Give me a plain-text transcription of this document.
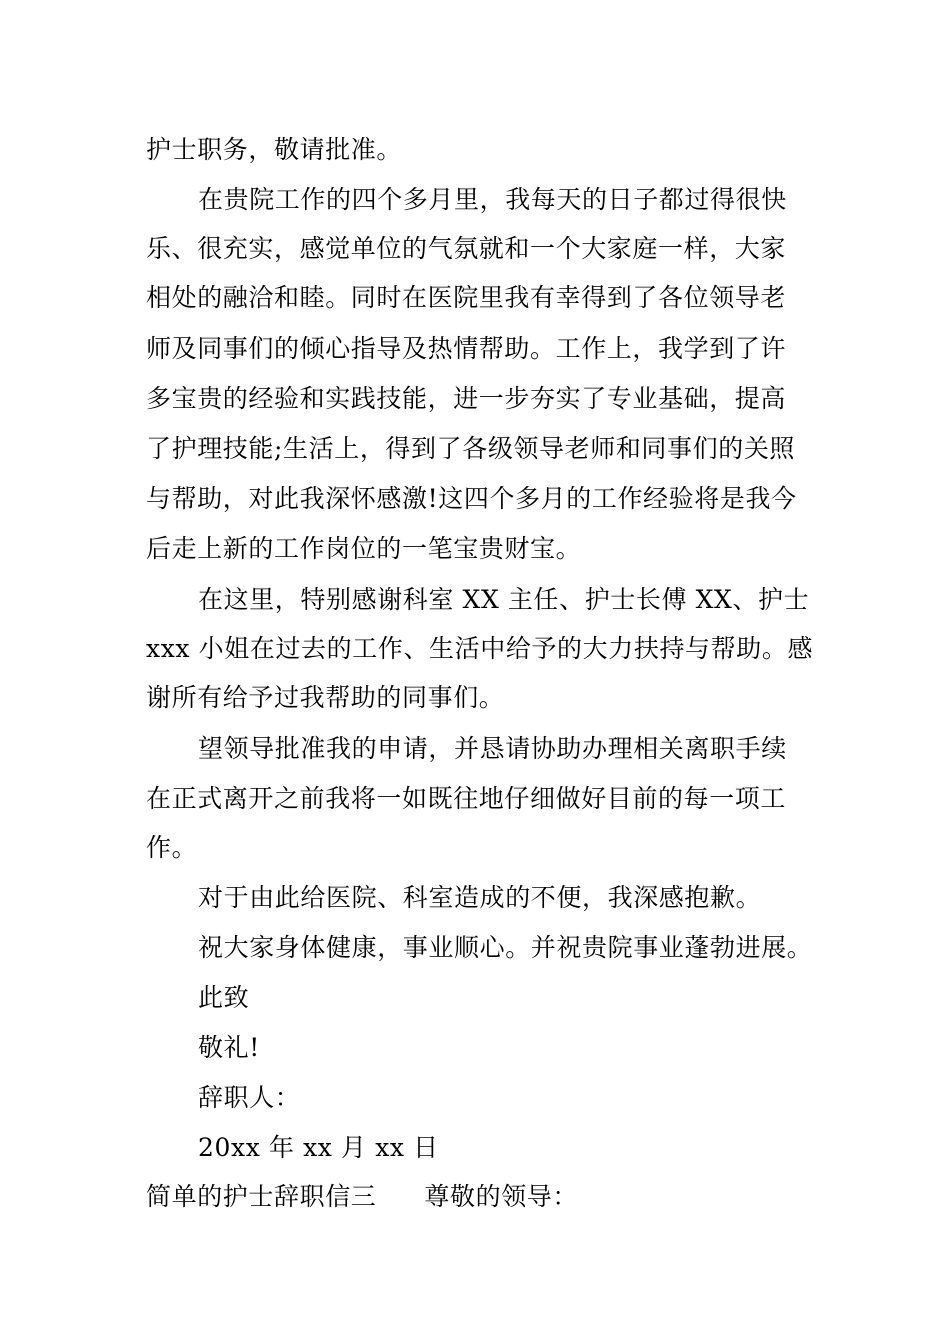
护士职务，敬请批准。
在贵院工作的四个多月里，我每天的日子都过得很快
乐、很充实，感觉单位的气氛就和一个大家庭一样，大家
相处的融洽和睦。同时在医院里我有幸得到了各位领导老
师及同事们的倾心指导及热情帮助。工作上，我学到了许
多宝贵的经验和实践技能，进一步夯实了专业基础，提高
了护理技能;生活上，得到了各级领导老师和同事们的关照
与帮助，对此我深怀感激!这四个多月的工作经验将是我今
后走上新的工作岗位的一笔宝贵财宝。
在这里，特别感谢科室 XX 主任、护士长傅 XX、护士
xxx 小姐在过去的工作、生活中给予的大力扶持与帮助。感
谢所有给予过我帮助的同事们。
望领导批准我的申请，并恳请协助办理相关离职手续
在正式离开之前我将一如既往地仔细做好目前的每一项工
作。
对于由此给医院、科室造成的不便，我深感抱歉。
祝大家身体健康，事业顺心。并祝贵院事业蓬勃进展。
此致
敬礼!
辞职人：
20xx 年 xx 月 xx 日
简单的护士辞职信三 尊敬的领导：
